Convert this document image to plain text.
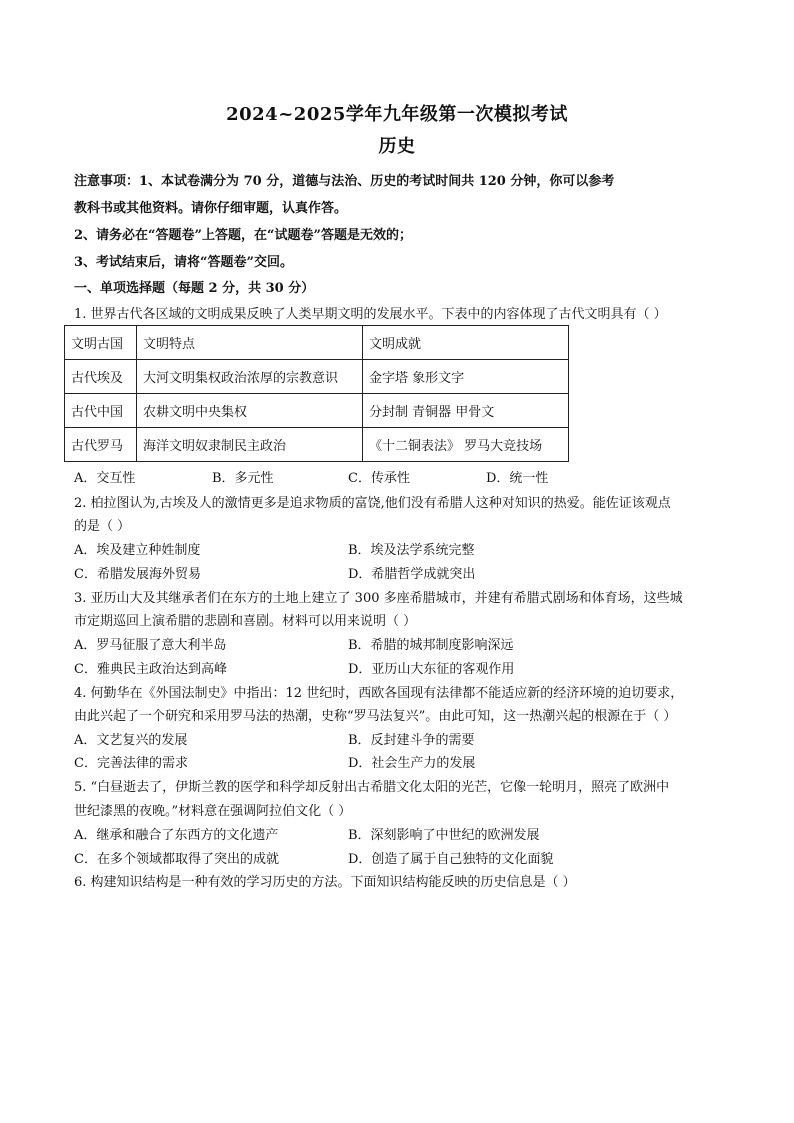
2024~2025学年九年级第一次模拟考试
历史
注意事项：1、本试卷满分为 70 分，道德与法治、历史的考试时间共 120 分钟，你可以参考
教科书或其他资料。请你仔细审题，认真作答。
2、请务必在“答题卷”上答题，在“试题卷”答题是无效的；
3、考试结束后，请将“答题卷”交回。
一、单项选择题（每题 2 分，共 30 分）
1. 世界古代各区域的文明成果反映了人类早期文明的发展水平。下表中的内容体现了古代文明具有（ ）
文明古国	文明特点	文明成就
古代埃及	大河文明集权政治浓厚的宗教意识	金字塔 象形文字
古代中国	农耕文明中央集权	分封制 青铜器 甲骨文
古代罗马	海洋文明奴隶制民主政治	《十二铜表法》 罗马大竞技场
A．交互性	B．多元性	C．传承性	D．统一性
2. 柏拉图认为,古埃及人的激情更多是追求物质的富饶,他们没有希腊人这种对知识的热爱。能佐证该观点
的是（ ）
A．埃及建立种姓制度	B．埃及法学系统完整
C．希腊发展海外贸易	D．希腊哲学成就突出
3. 亚历山大及其继承者们在东方的土地上建立了 300 多座希腊城市，并建有希腊式剧场和体育场，这些城
市定期巡回上演希腊的悲剧和喜剧。材料可以用来说明（ ）
A．罗马征服了意大利半岛	B．希腊的城邦制度影响深远
C．雅典民主政治达到高峰	D．亚历山大东征的客观作用
4. 何勤华在《外国法制史》中指出：12 世纪时，西欧各国现有法律都不能适应新的经济环境的迫切要求，
由此兴起了一个研究和采用罗马法的热潮，史称“罗马法复兴”。由此可知，这一热潮兴起的根源在于（ ）
A．文艺复兴的发展	B．反封建斗争的需要
C．完善法律的需求	D．社会生产力的发展
5. “白昼逝去了，伊斯兰教的医学和科学却反射出古希腊文化太阳的光芒，它像一轮明月，照亮了欧洲中
世纪漆黑的夜晚。”材料意在强调阿拉伯文化（ ）
A．继承和融合了东西方的文化遗产	B．深刻影响了中世纪的欧洲发展
C．在多个领域都取得了突出的成就	D．创造了属于自己独特的文化面貌
6. 构建知识结构是一种有效的学习历史的方法。下面知识结构能反映的历史信息是（ ）
